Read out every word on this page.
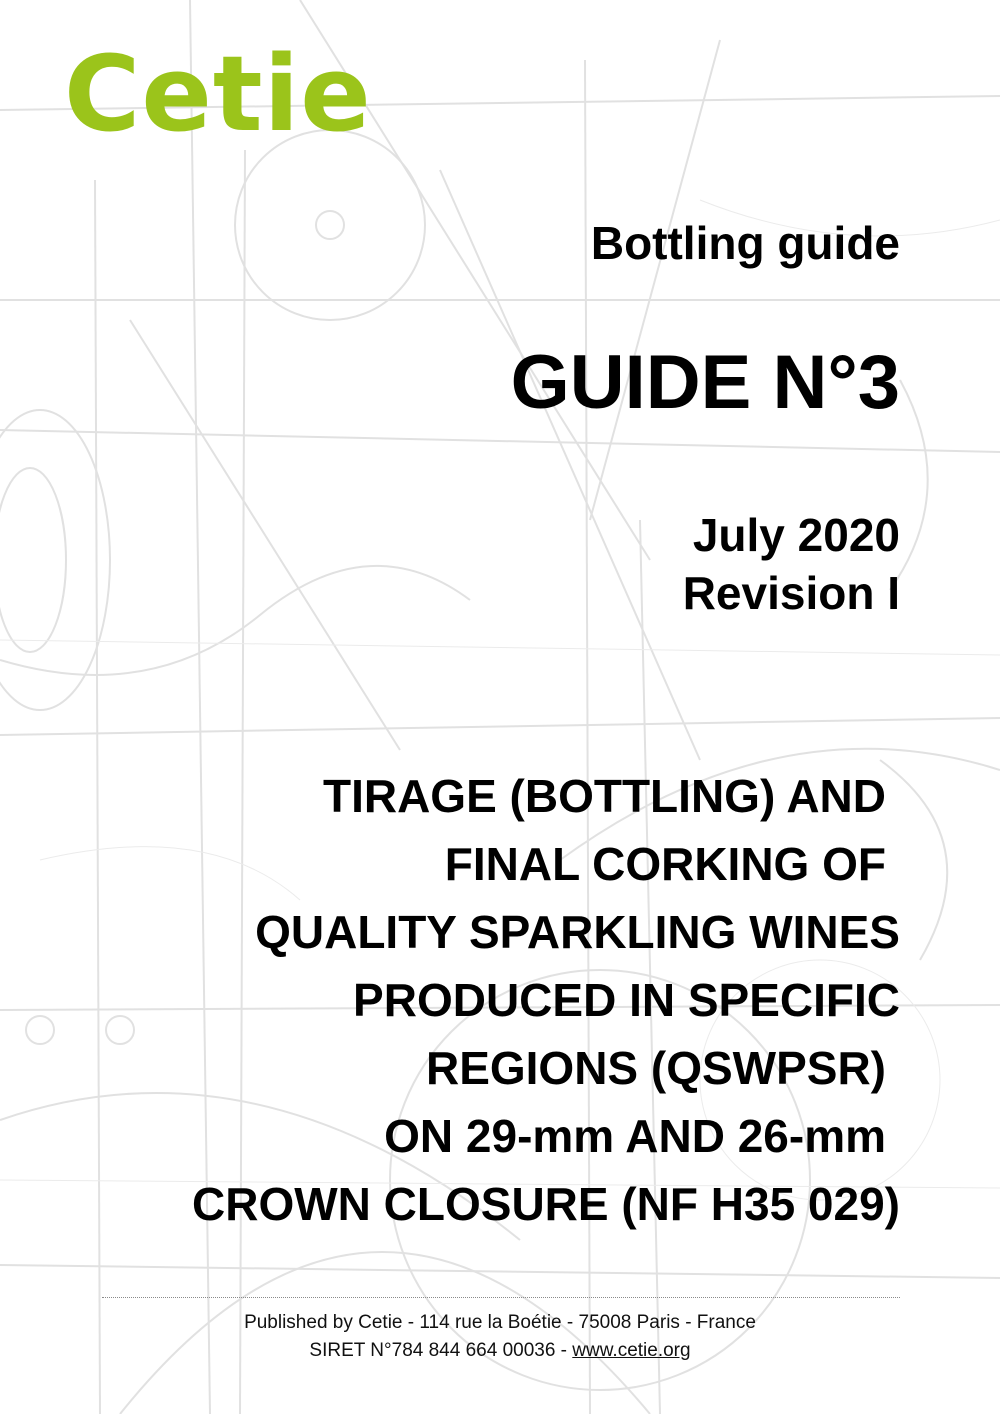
Cetie
Bottling guide
GUIDE N°3
July 2020
Revision I
TIRAGE (BOTTLING) AND
FINAL CORKING OF
QUALITY SPARKLING WINES
PRODUCED IN SPECIFIC
REGIONS (QSWPSR)
ON 29-mm AND 26-mm
CROWN CLOSURE (NF H35 029)
Published by Cetie - 114 rue la Boétie - 75008 Paris - France
SIRET N°784 844 664 00036 - www.cetie.org
